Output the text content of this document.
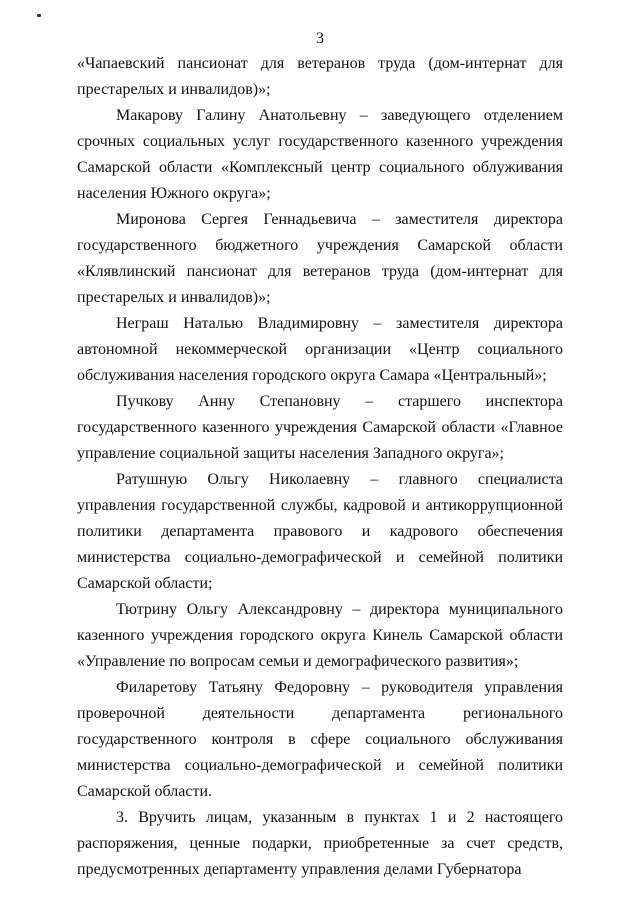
3

«Чапаевский пансионат для ветеранов труда (дом-интернат для престарелых и инвалидов)»;

Макарову Галину Анатольевну – заведующего отделением срочных социальных услуг государственного казенного учреждения Самарской области «Комплексный центр социального облуживания населения Южного округа»;

Миронова Сергея Геннадьевича – заместителя директора государственного бюджетного учреждения Самарской области «Клявлинский пансионат для ветеранов труда (дом-интернат для престарелых и инвалидов)»;

Неграш Наталью Владимировну – заместителя директора автономной некоммерческой организации «Центр социального обслуживания населения городского округа Самара «Центральный»;

Пучкову Анну Степановну – старшего инспектора государственного казенного учреждения Самарской области «Главное управление социальной защиты населения Западного округа»;

Ратушную Ольгу Николаевну – главного специалиста управления государственной службы, кадровой и антикоррупционной политики департамента правового и кадрового обеспечения министерства социально-демографической и семейной политики Самарской области;

Тютрину Ольгу Александровну – директора муниципального казенного учреждения городского округа Кинель Самарской области «Управление по вопросам семьи и демографического развития»;

Филаретову Татьяну Федоровну – руководителя управления проверочной деятельности департамента регионального государственного контроля в сфере социального обслуживания министерства социально-демографической и семейной политики Самарской области.

3. Вручить лицам, указанным в пунктах 1 и 2 настоящего распоряжения, ценные подарки, приобретенные за счет средств, предусмотренных департаменту управления делами Губернатора
